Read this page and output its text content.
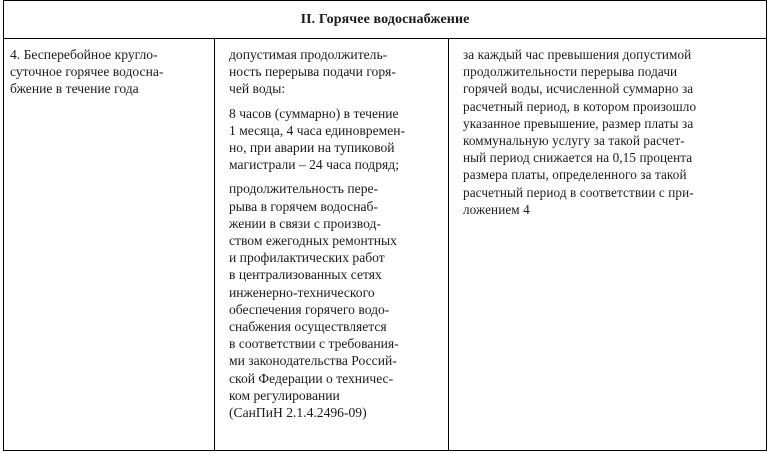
II. Горячее водоснабжение

4. Бесперебойное кругло-
суточное горячее водосна-
бжение в течение года

допустимая продолжитель-
ность перерыва подачи горя-
чей воды:

8 часов (суммарно) в течение
1 месяца, 4 часа единовремен-
но, при аварии на тупиковой
магистрали – 24 часа подряд;

продолжительность пере-
рыва в горячем водоснаб-
жении в связи с производ-
ством ежегодных ремонтных
и профилактических работ
в централизованных сетях
инженерно-технического
обеспечения горячего водо-
снабжения осуществляется
в соответствии с требования-
ми законодательства Россий-
ской Федерации о техничес-
ком регулировании
(СанПиН 2.1.4.2496-09)

за каждый час превышения допустимой
продолжительности перерыва подачи
горячей воды, исчисленной суммарно за
расчетный период, в котором произошло
указанное превышение, размер платы за
коммунальную услугу за такой расчет-
ный период снижается на 0,15 процента
размера платы, определенного за такой
расчетный период в соответствии с при-
ложением 4
